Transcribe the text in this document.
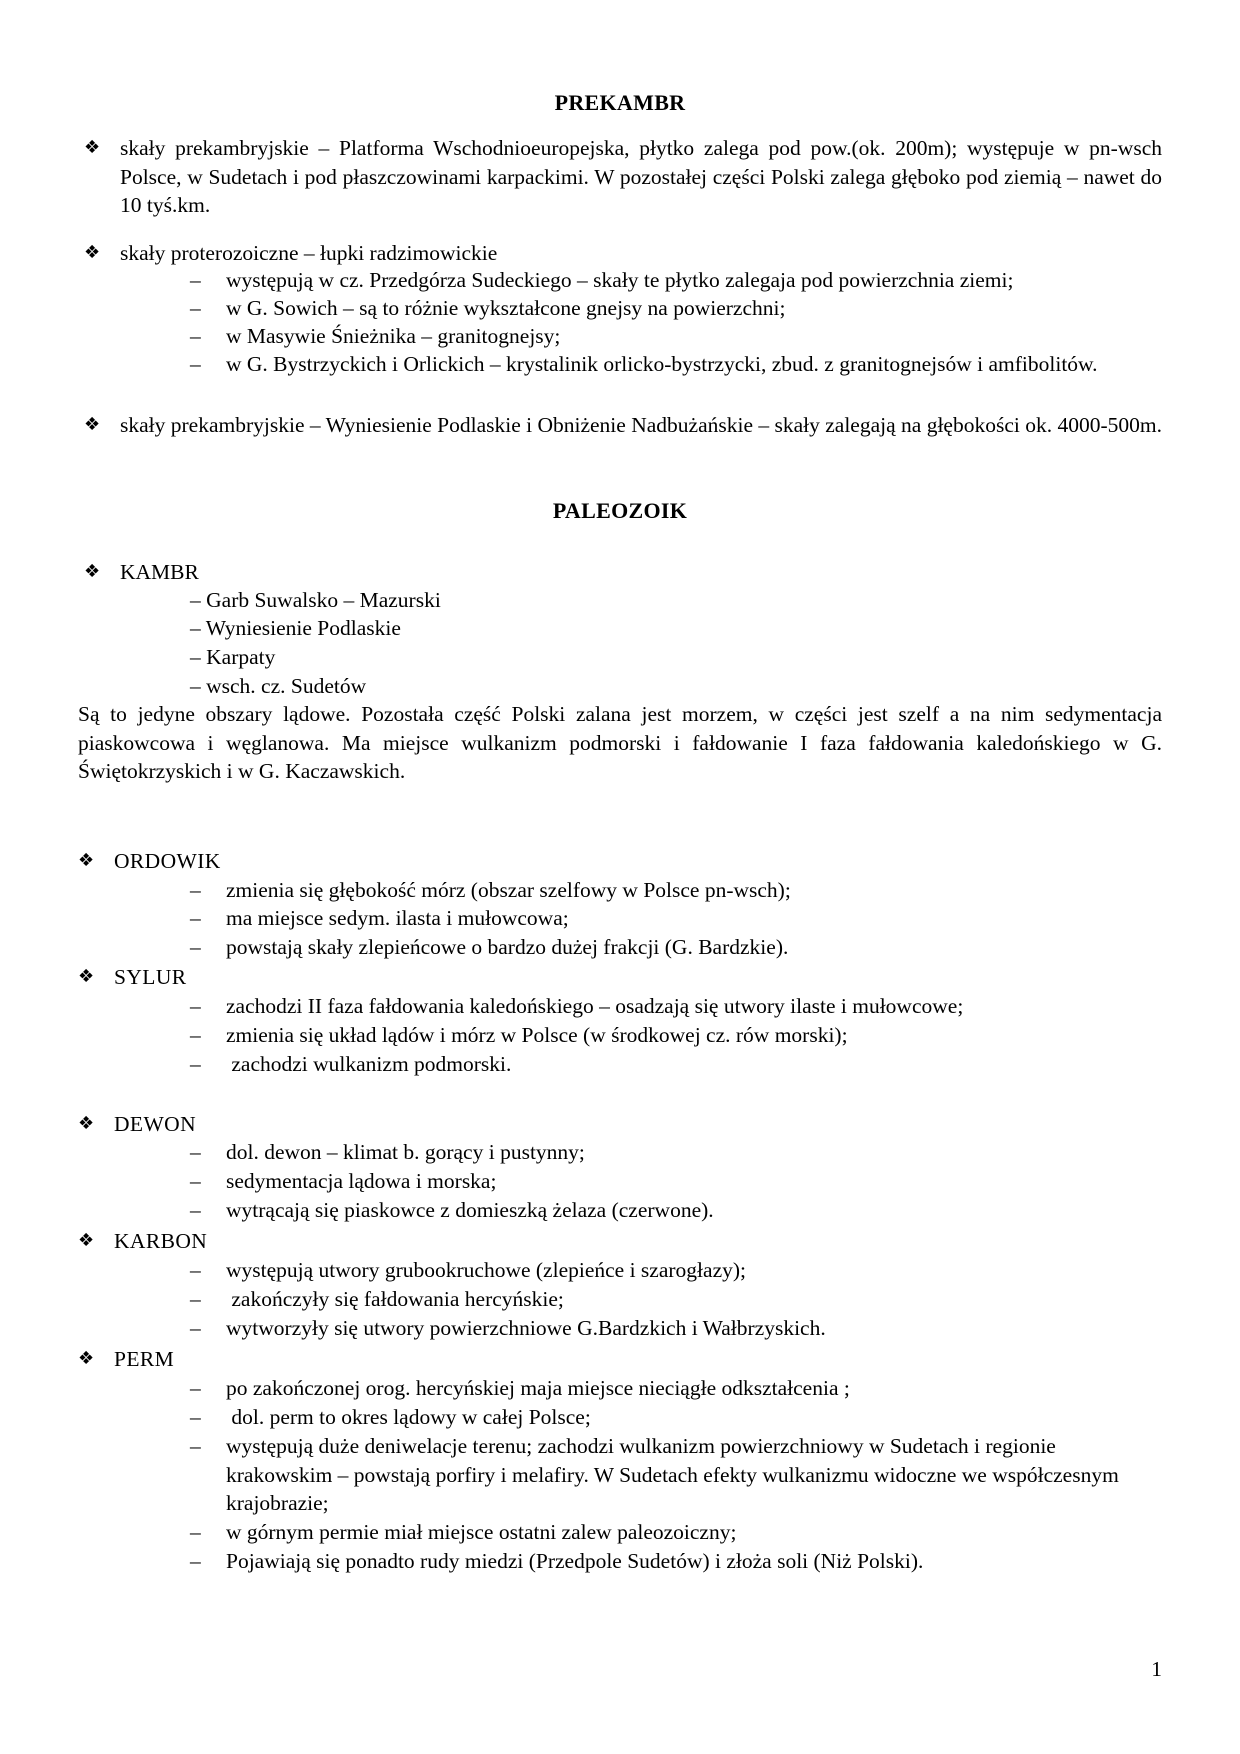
PREKAMBR
❖ skały prekambryjskie – Platforma Wschodnioeuropejska, płytko zalega pod pow.(ok. 200m); występuje w pn-wsch Polsce, w Sudetach i pod płaszczowinami karpackimi. W pozostałej części Polski zalega głęboko pod ziemią – nawet do 10 tyś.km.
❖ skały proterozoiczne – łupki radzimowickie
–	występują w cz. Przedgórza Sudeckiego – skały te płytko zalegaja pod powierzchnia ziemi;
–	w G. Sowich – są to różnie wykształcone gnejsy na powierzchni;
–	w Masywie Śnieżnika – granitognejsy;
–	w G. Bystrzyckich i Orlickich – krystalinik orlicko-bystrzycki, zbud. z granitognejsów i amfibolitów.
❖ skały prekambryjskie – Wyniesienie Podlaskie i Obniżenie Nadbużańskie – skały zalegają na głębokości ok. 4000-500m.
PALEOZOIK
❖ KAMBR
– Garb Suwalsko – Mazurski
– Wyniesienie Podlaskie
– Karpaty
– wsch. cz. Sudetów
Są to jedyne obszary lądowe. Pozostała część Polski zalana jest morzem, w części jest szelf a na nim sedymentacja piaskowcowa i węglanowa. Ma miejsce wulkanizm podmorski i fałdowanie I faza fałdowania kaledońskiego w G. Świętokrzyskich i w G. Kaczawskich.
❖ ORDOWIK
–	zmienia się głębokość mórz (obszar szelfowy w Polsce pn-wsch);
–	ma miejsce sedym. ilasta i mułowcowa;
–	powstają skały zlepieńcowe o bardzo dużej frakcji (G. Bardzkie).
❖ SYLUR
–	zachodzi II faza fałdowania kaledońskiego – osadzają się utwory ilaste i mułowcowe;
–	zmienia się układ lądów i mórz w Polsce (w środkowej cz. rów morski);
–	zachodzi wulkanizm podmorski.
❖ DEWON
–	dol. dewon – klimat b. gorący i pustynny;
–	sedymentacja lądowa i morska;
–	wytrącają się piaskowce z domieszką żelaza (czerwone).
❖ KARBON
–	występują utwory grubookruchowe (zlepieńce i szarogłazy);
–	zakończyły się fałdowania hercyńskie;
–	wytworzyły się utwory powierzchniowe G.Bardzkich i Wałbrzyskich.
❖ PERM
–	po zakończonej orog. hercyńskiej maja miejsce nieciągłe odkształcenia ;
–	dol. perm to okres lądowy w całej Polsce;
–	występują duże deniwelacje terenu; zachodzi wulkanizm powierzchniowy w Sudetach i regionie krakowskim – powstają porfiry i melafiry. W Sudetach efekty wulkanizmu widoczne we współczesnym krajobrazie;
–	w górnym permie miał miejsce ostatni zalew paleozoiczny;
–	Pojawiają się ponadto rudy miedzi (Przedpole Sudetów) i złoża soli (Niż Polski).
1
